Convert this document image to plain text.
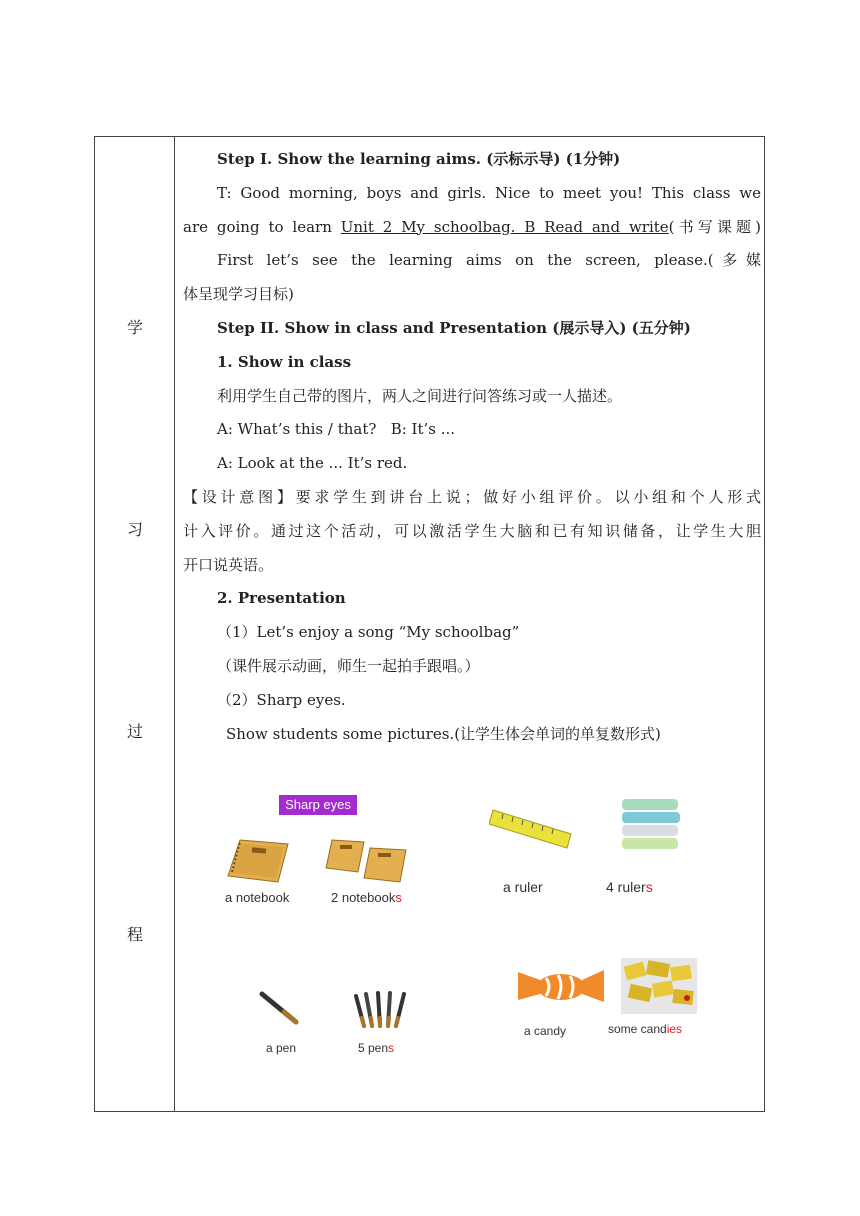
学
习
过
程
Step I. Show the learning aims. (示标示导) (1分钟)
T: Good morning, boys and girls. Nice to meet you! This class we
are going to learn Unit 2 My schoolbag. B Read and write(书写课题)
First let’s see the learning aims on the screen, please.(多媒
体呈现学习目标)
Step II. Show in class and Presentation (展示导入) (五分钟)
1. Show in class
利用学生自己带的图片，两人之间进行问答练习或一人描述。
A: What’s this / that?   B: It’s ...
A: Look at the ... It’s red.
【设计意图】要求学生到讲台上说；做好小组评价。以小组和个人形式
计入评价。通过这个活动，可以激活学生大脑和已有知识储备，让学生大胆
开口说英语。
2. Presentation
（1）Let’s enjoy a song “My schoolbag”
（课件展示动画，师生一起拍手跟唱。）
（2）Sharp eyes.
Show students some pictures.(让学生体会单词的单复数形式)
Sharp eyes
a notebook	2 notebooks
a ruler	4 rulers
a pen	5 pens
a candy	some candies
